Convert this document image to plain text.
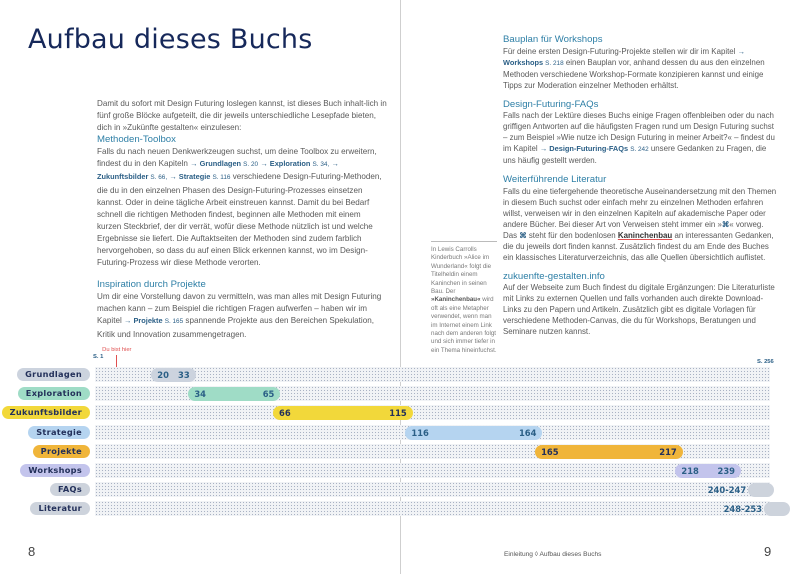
Aufbau dieses Buchs

Damit du sofort mit Design Futuring loslegen kannst, ist dieses Buch inhalt-lich in fünf große Blöcke aufgeteilt, die dir jeweils unterschiedliche Lesepfade bieten, dich in »Zukünfte gestalten« einzulesen:

Methoden-Toolbox

Falls du nach neuen Denkwerkzeugen suchst, um deine Toolbox zu erweitern, findest du in den Kapiteln → Grundlagen S. 20 → Exploration S. 34, → Zukunftsbilder S. 66, → Strategie S. 116 verschiedene Design-Futuring-Methoden, die du in den einzelnen Phasen des Design-Futuring-Prozesses einsetzen kannst. Oder in deine tägliche Arbeit einstreuen kannst. Damit du bei Bedarf schnell die richtigen Methoden findest, beginnen alle Methoden mit einem kurzen Steckbrief, der dir verrät, wofür diese Methode nützlich ist und welche Ergebnisse sie liefert. Die Auftaktseiten der Methoden sind zudem farblich hervorgehoben, so dass du auf einen Blick erkennen kannst, wo im Design-Futuring-Prozess wir diese Methode verorten.

Inspiration durch Projekte

Um dir eine Vorstellung davon zu vermitteln, was man alles mit Design Futuring machen kann – zum Beispiel die richtigen Fragen aufwerfen – haben wir im Kapitel → Projekte S. 165 spannende Projekte aus den Bereichen Spekulation, Kritik und Innovation zusammengetragen.

Bauplan für Workshops

Für deine ersten Design-Futuring-Projekte stellen wir dir im Kapitel → Workshops S. 218 einen Bauplan vor, anhand dessen du aus den einzelnen Methoden verschiedene Workshop-Formate konzipieren kannst und einige Tipps zur Moderation einzelner Methoden erhältst.

Design-Futuring-FAQs

Falls nach der Lektüre dieses Buchs einige Fragen offenbleiben oder du nach griffigen Antworten auf die häufigsten Fragen rund um Design Futuring suchst – zum Beispiel »Wie nutze ich Design Futuring in meiner Arbeit?« – findest du im Kapitel → Design-Futuring-FAQs S. 242 unsere Gedanken zu Fragen, die uns häufig gestellt werden.

Weiterführende Literatur

Falls du eine tiefergehende theoretische Auseinandersetzung mit den Themen in diesem Buch suchst oder einfach mehr zu einzelnen Methoden erfahren willst, verweisen wir in den einzelnen Kapiteln auf akademische Paper oder andere Bücher. Bei dieser Art von Verweisen steht immer ein »⌘« vorweg. Das ⌘ steht für den bodenlosen Kaninchenbau an interessanten Gedanken, die du jeweils dort finden kannst. Zusätzlich findest du am Ende des Buches ein klassisches Literaturverzeichnis, das alle Quellen übersichtlich auflistet.

zukuenfte-gestalten.info

Auf der Webseite zum Buch findest du digitale Ergänzungen: Die Literaturliste mit Links zu externen Quellen und falls vorhanden auch direkte Download-Links zu den Papern und Artikeln. Zusätzlich gibt es digitale Vorlagen für verschiedene Methoden-Canvas, die du für Workshops, Beratungen und Seminare nutzen kannst.

In Lewis Carrolls Kinderbuch »Alice im Wunderland« folgt die Titelheldin einem Kaninchen in seinen Bau. Der »Kaninchenbau« wird oft als eine Metapher verwendet, wenn man im Internet einem Link nach dem anderen folgt und sich immer tiefer in ein Thema hineinfuchst.
S. 1
S. 256
Du bist hier
Grundlagen	20 33
Exploration	34	65
Zukunftsbilder	66	115
Strategie	116	164
Projekte	165	217
Workshops	218 239
FAQs	240-247
Literatur	248-253
8	Einleitung ◊ Aufbau dieses Buchs	9
